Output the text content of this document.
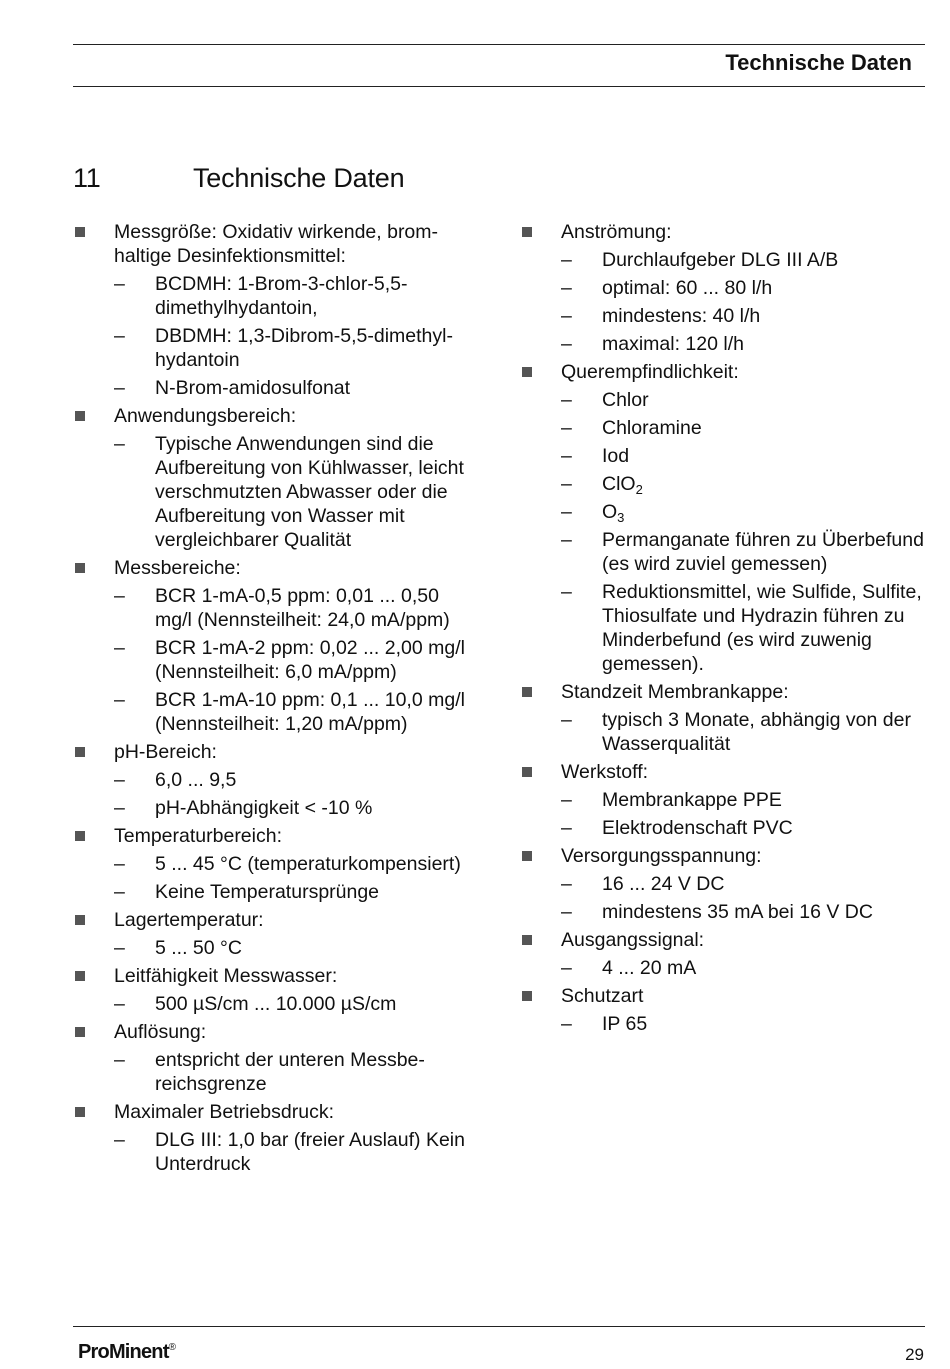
Technische Daten
11	Technische Daten
Messgröße: Oxidativ wirkende, bromhaltige Desinfektionsmittel:
– BCDMH: 1-Brom-3-chlor-5,5-dimethylhydantoin,
– DBDMH: 1,3-Dibrom-5,5-dimethyl-hydantoin
– N-Brom-amidosulfonat
Anwendungsbereich:
– Typische Anwendungen sind die Aufbereitung von Kühlwasser, leicht verschmutzten Abwasser oder die Aufbereitung von Wasser mit vergleichbarer Qualität
Messbereiche:
– BCR 1-mA-0,5 ppm: 0,01 ... 0,50 mg/l (Nennsteilheit: 24,0 mA/ppm)
– BCR 1-mA-2 ppm: 0,02 ... 2,00 mg/l (Nennsteilheit: 6,0 mA/ppm)
– BCR 1-mA-10 ppm: 0,1 ... 10,0 mg/l (Nennsteilheit: 1,20 mA/ppm)
pH-Bereich:
– 6,0 ... 9,5
– pH-Abhängigkeit < -10 %
Temperaturbereich:
– 5 ... 45 °C (temperaturkompensiert)
– Keine Temperatursprünge
Lagertemperatur:
– 5 ... 50 °C
Leitfähigkeit Messwasser:
– 500 µS/cm ... 10.000 µS/cm
Auflösung:
– entspricht der unteren Messbereichsgrenze
Maximaler Betriebsdruck:
– DLG III: 1,0 bar (freier Auslauf) Kein Unterdruck
Anströmung:
– Durchlaufgeber DLG III A/B
– optimal: 60 ... 80 l/h
– mindestens: 40 l/h
– maximal: 120 l/h
Querempfindlichkeit:
– Chlor
– Chloramine
– Iod
– ClO$_2$
– $O_3$
– Permanganate führen zu Überbefund (es wird zuviel gemessen)
– Reduktionsmittel, wie Sulfide, Sulfite, Thiosulfate und Hydrazin führen zu Minderbefund (es wird zuwenig gemessen).
Standzeit Membrankappe:
– typisch 3 Monate, abhängig von der Wasserqualität
Werkstoff:
– Membrankappe PPE
– Elektrodenschaft PVC
Versorgungsspannung:
– 16 ... 24 V DC
– mindestens 35 mA bei 16 V DC
Ausgangssignal:
– 4 ... 20 mA
Schutzart
– IP 65
ProMinent®	29
